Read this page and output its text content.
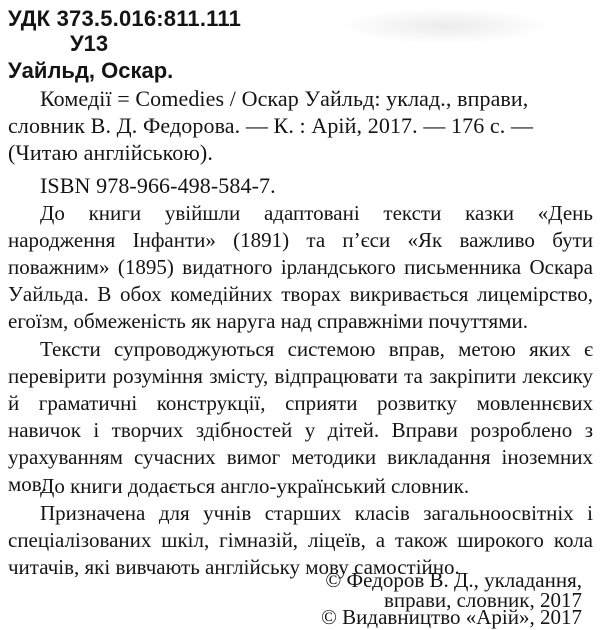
УДК 373.5.016:811.111
У13
Уайльд, Оскар.
Комедії = Comedies / Оскар Уайльд: уклад., вправи,
словник В. Д. Федорова. — К. : Арій, 2017. — 176 с. —
(Читаю англійською).
ISBN 978-966-498-584-7.

До книги увійшли адаптовані тексти казки «День народження Інфанти» (1891) та п’єси «Як важливо бути поважним» (1895) видатного ірландського письменника Оскара Уайльда. В обох комедійних творах викривається лицемірство, егоїзм, обмеженість як наруга над справжніми почуттями.

Тексти супроводжуються системою вправ, метою яких є перевірити розуміння змісту, відпрацювати та закріпити лексику й граматичні конструкції, сприяти розвитку мовленнєвих навичок і творчих здібностей у дітей. Вправи розроблено з урахуванням сучасних вимог методики викладання іноземних мов.

До книги додається англо-український словник.

Призначена для учнів старших класів загальноосвітніх і спеціалізованих шкіл, гімназій, ліцеїв, а також широкого кола читачів, які вивчають англійську мову самостійно.

© Федоров В. Д., укладання,
вправи, словник, 2017
© Видавництво «Арій», 2017
